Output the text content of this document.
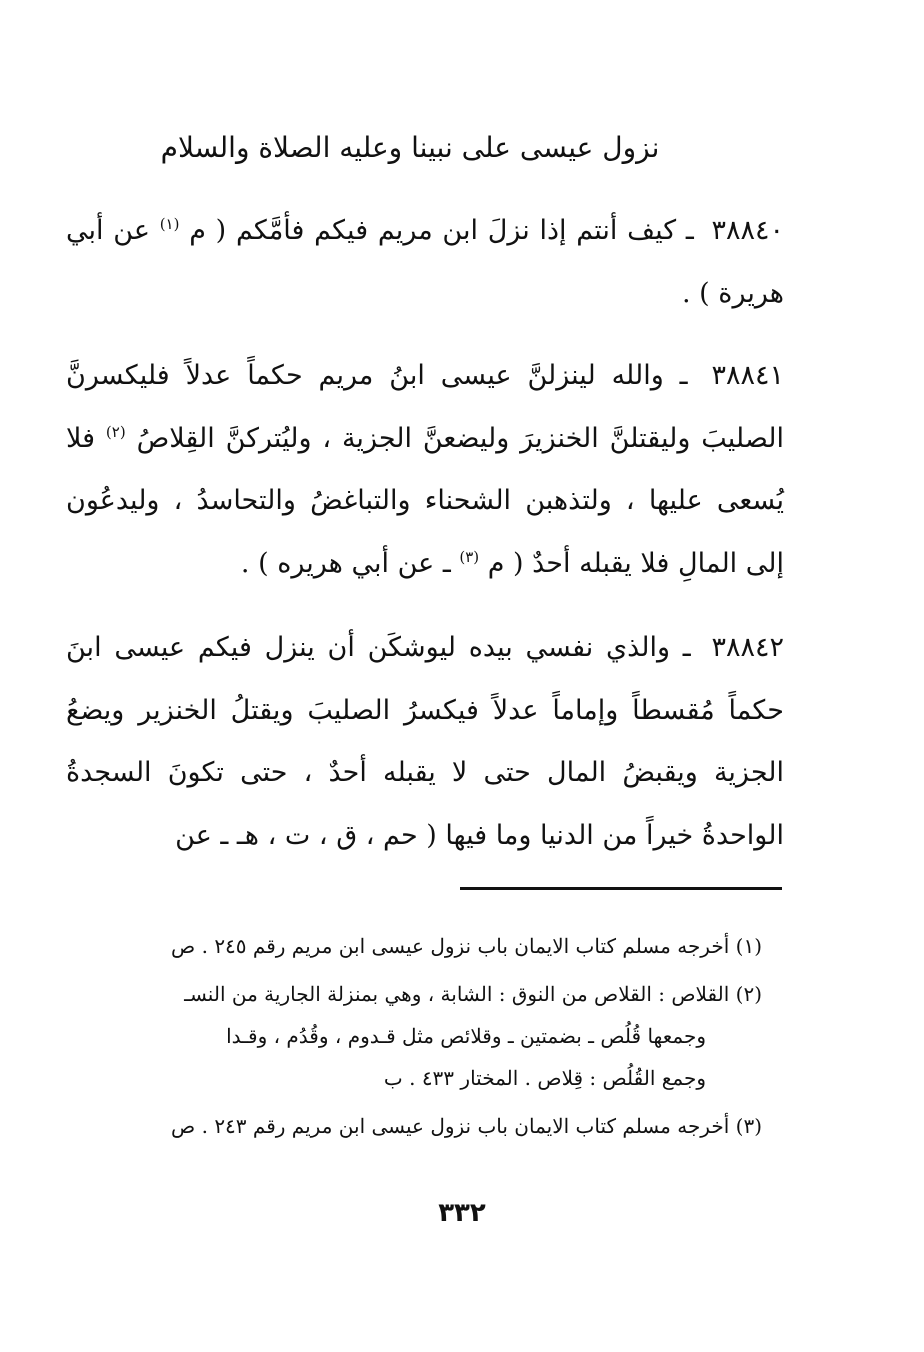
نزول عيسى على نبينا وعليه الصلاة والسلام

٣٨٨٤٠ ـ كيف أنتم إذا نزلَ ابن مريم فيكم فأمَّكم ( م $^{(١)}$ عن أبي هريرة ) .

٣٨٨٤١ ـ والله لينزلنَّ عيسى ابنُ مريم حكماً عدلاً فليكسرنَّ الصليبَ وليقتلنَّ الخنزيرَ وليضعنَّ الجزية ، وليُتركنَّ القِلاصُ $^{(٢)}$ فلا يُسعى عليها ، ولتذهبن الشحناء والتباغضُ والتحاسدُ ، وليدعُون إلى المالِ فلا يقبله أحدٌ ( م $^{(٣)}$ ـ عن أبي هريره ) .

٣٨٨٤٢ ـ والذي نفسي بيده ليوشكَن أن ينزل فيكم عيسى ابنَ حكماً مُقسطاً وإماماً عدلاً فيكسرُ الصليبَ ويقتلُ الخنزير ويضعُ الجزية ويقبضُ المال حتى لا يقبله أحدٌ ، حتى تكونَ السجدةُ الواحدةُ خيراً من الدنيا وما فيها ( حم ، ق ، ت ، هـ ـ عن

(١) أخرجه مسلم كتاب الايمان باب نزول عيسى ابن مريم رقم ٢٤٥ . ص

(٢) القلاص : القلاص من النوق : الشابة ، وهي بمنزلة الجارية من النسـ
وجمعها قُلُص ـ بضمتين ـ وقلائص مثل قـدوم ، وقُدُم ، وقـدا
وجمع القُلُص : قِلاص . المختار ٤٣٣ . ب

(٣) أخرجه مسلم كتاب الايمان باب نزول عيسى ابن مريم رقم ٢٤٣ . ص

٣٣٢
